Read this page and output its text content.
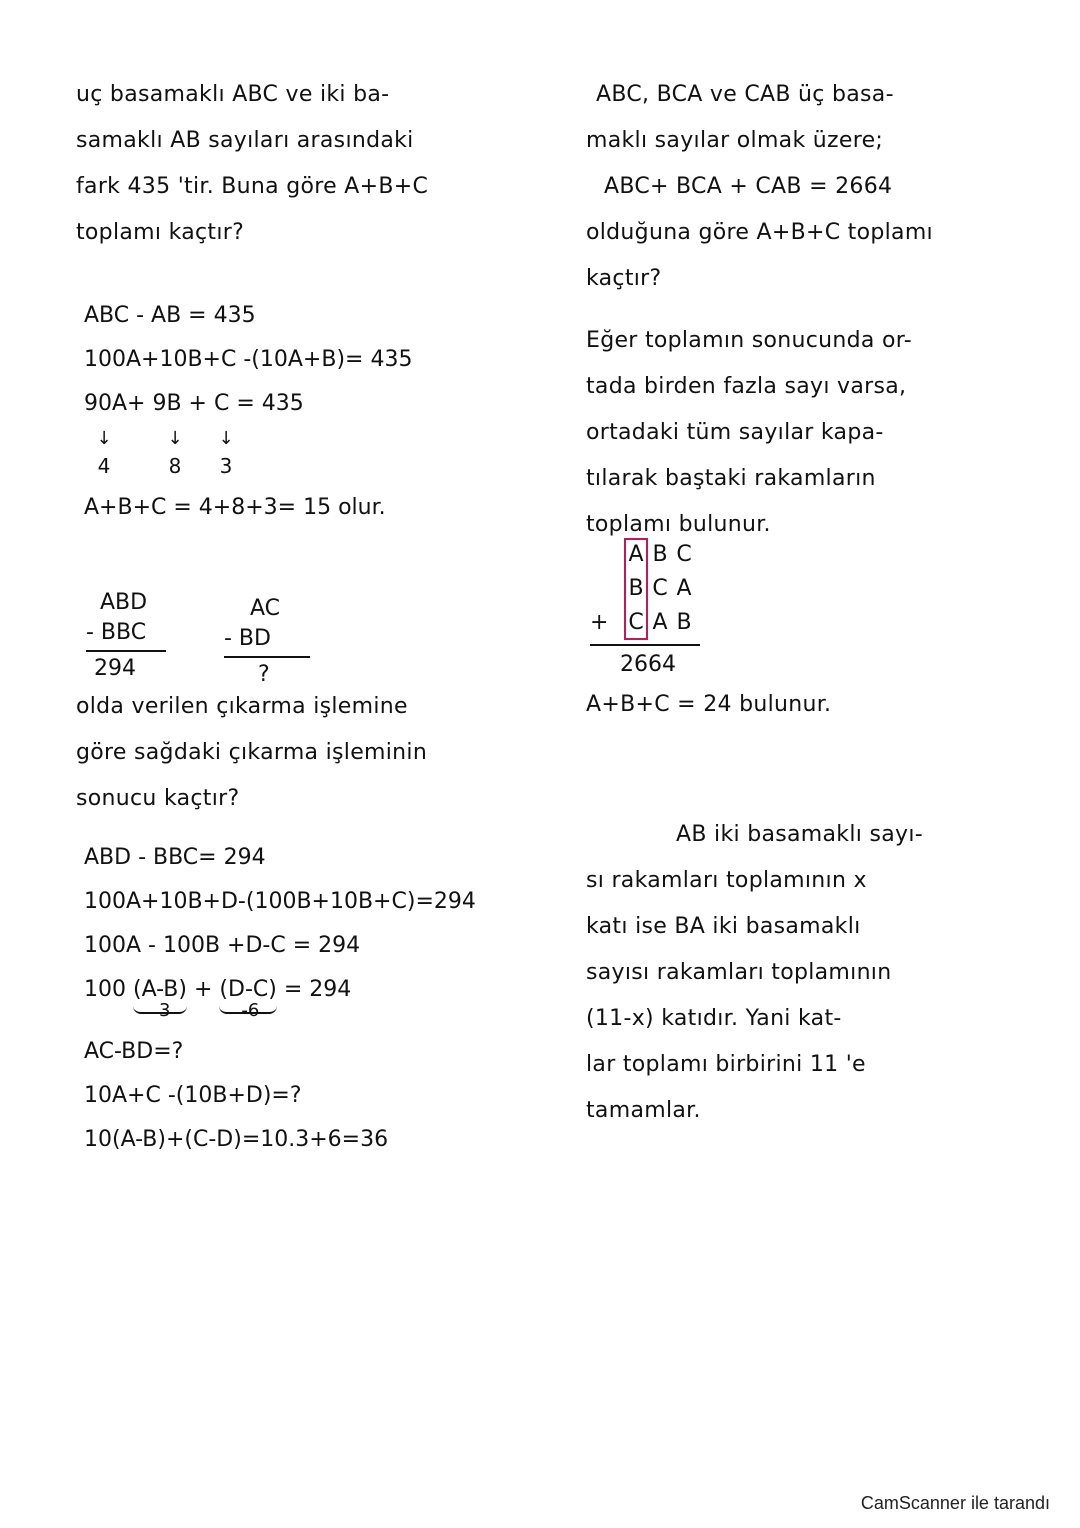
uç basamaklı ABC ve iki ba-
samaklı AB sayıları arasındaki
fark 435 'tir. Buna göre A+B+C
toplamı kaçtır?
ABC - AB = 435
100A+10B+C -(10A+B)= 435
90A+ 9B + C = 435
↓	↓	↓
4	8	3
A+B+C = 4+8+3= 15 olur.
ABD
- BBC
294
AC
- BD
?
olda verilen çıkarma işlemine
göre sağdaki çıkarma işleminin
sonucu kaçtır?
ABD - BBC= 294
100A+10B+D-(100B+10B+C)=294
100A - 100B +D-C = 294
100 (A-B)
3
+ (D-C)
-6
= 294
AC-BD=?
10A+C -(10B+D)=?
10(A-B)+(C-D)=10.3+6=36
ABC, BCA ve CAB üç basa-
maklı sayılar olmak üzere;
ABC+ BCA + CAB = 2664
olduğuna göre A+B+C toplamı
kaçtır?
Eğer toplamın sonucunda or-
tada birden fazla sayı varsa,
ortadaki tüm sayılar kapa-
tılarak baştaki rakamların
toplamı bulunur.
A B C
B C A
+ C A B
2664
A+B+C = 24 bulunur.
AB iki basamaklı sayı-
sı rakamları toplamının x
katı ise BA iki basamaklı
sayısı rakamları toplamının
(11-x) katıdır. Yani kat-
lar toplamı birbirini 11 'e
tamamlar.
CamScanner ile tarandı
